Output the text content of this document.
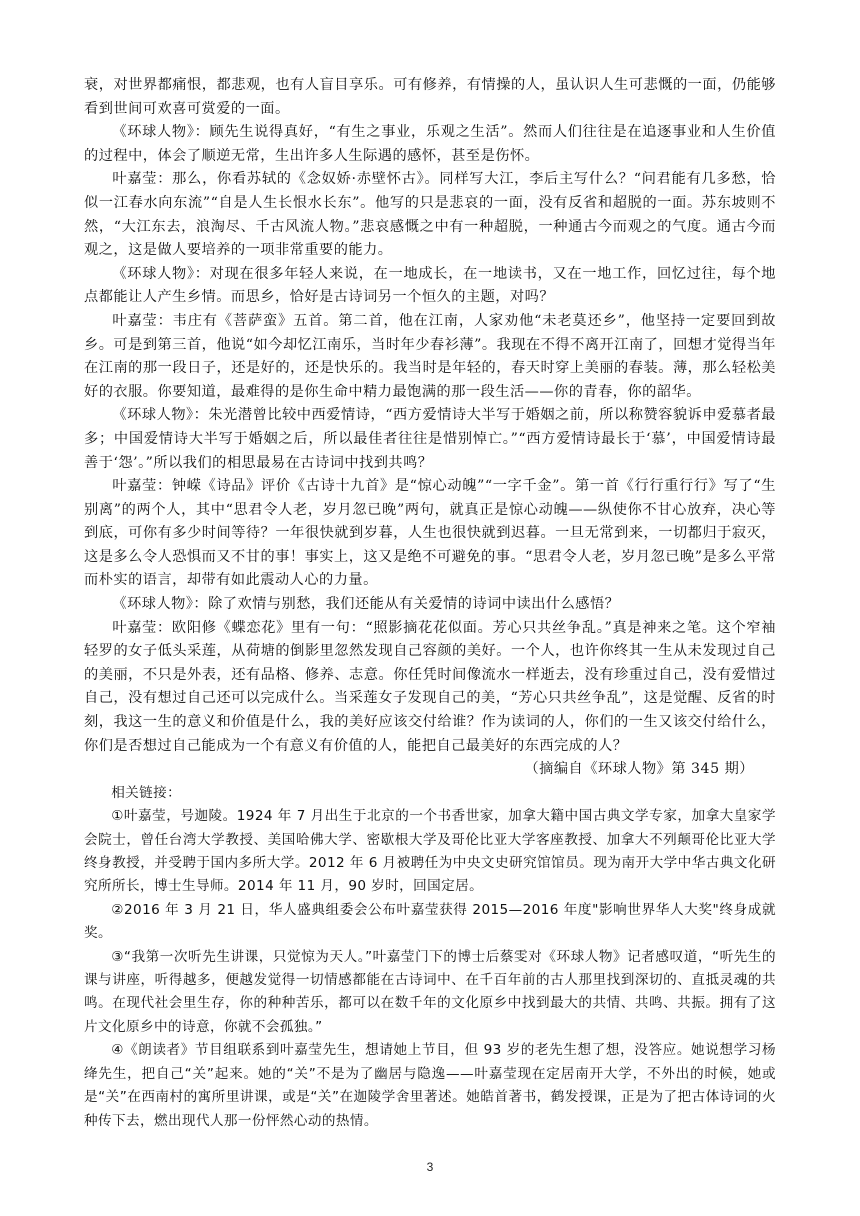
衰，对世界都痛恨，都悲观，也有人盲目享乐。可有修养，有情操的人，虽认识人生可悲慨的一面，仍能够看到世间可欢喜可赏爱的一面。

《环球人物》：顾先生说得真好，“有生之事业，乐观之生活”。然而人们往往是在追逐事业和人生价值的过程中，体会了顺逆无常，生出许多人生际遇的感怀，甚至是伤怀。

叶嘉莹：那么，你看苏轼的《念奴娇·赤壁怀古》。同样写大江，李后主写什么？“问君能有几多愁，恰似一江春水向东流”“自是人生长恨水长东”。他写的只是悲哀的一面，没有反省和超脱的一面。苏东坡则不然，“大江东去，浪淘尽、千古风流人物。”悲哀感慨之中有一种超脱，一种通古今而观之的气度。通古今而观之，这是做人要培养的一项非常重要的能力。

《环球人物》：对现在很多年轻人来说，在一地成长，在一地读书，又在一地工作，回忆过往，每个地点都能让人产生乡情。而思乡，恰好是古诗词另一个恒久的主题，对吗？

叶嘉莹：韦庄有《菩萨蛮》五首。第二首，他在江南，人家劝他“未老莫还乡”，他坚持一定要回到故乡。可是到第三首，他说“如今却忆江南乐，当时年少春衫薄”。我现在不得不离开江南了，回想才觉得当年在江南的那一段日子，还是好的，还是快乐的。我当时是年轻的，春天时穿上美丽的春装。薄，那么轻松美好的衣服。你要知道，最难得的是你生命中精力最饱满的那一段生活——你的青春，你的韶华。

《环球人物》：朱光潜曾比较中西爱情诗，“西方爱情诗大半写于婚姻之前，所以称赞容貌诉申爱慕者最多；中国爱情诗大半写于婚姻之后，所以最佳者往往是惜别悼亡。”“西方爱情诗最长于‘慕’，中国爱情诗最善于‘怨’。”所以我们的相思最易在古诗词中找到共鸣？

叶嘉莹：钟嵘《诗品》评价《古诗十九首》是“惊心动魄”“一字千金”。第一首《行行重行行》写了“生别离”的两个人，其中“思君令人老，岁月忽已晚”两句，就真正是惊心动魄——纵使你不甘心放弃，决心等到底，可你有多少时间等待？一年很快就到岁暮，人生也很快就到迟暮。一旦无常到来，一切都归于寂灭，这是多么令人恐惧而又不甘的事！事实上，这又是绝不可避免的事。“思君令人老，岁月忽已晚”是多么平常而朴实的语言，却带有如此震动人心的力量。

《环球人物》：除了欢情与别愁，我们还能从有关爱情的诗词中读出什么感悟？

叶嘉莹：欧阳修《蝶恋花》里有一句：“照影摘花花似面。芳心只共丝争乱。”真是神来之笔。这个窄袖轻罗的女子低头采莲，从荷塘的倒影里忽然发现自己容颜的美好。一个人，也许你终其一生从未发现过自己的美丽，不只是外表，还有品格、修养、志意。你任凭时间像流水一样逝去，没有珍重过自己，没有爱惜过自己，没有想过自己还可以完成什么。当采莲女子发现自己的美，“芳心只共丝争乱”，这是觉醒、反省的时刻，我这一生的意义和价值是什么，我的美好应该交付给谁？作为读词的人，你们的一生又该交付给什么，你们是否想过自己能成为一个有意义有价值的人，能把自己最美好的东西完成的人？

（摘编自《环球人物》第 345 期）

相关链接：

①叶嘉莹，号迦陵。1924 年 7 月出生于北京的一个书香世家，加拿大籍中国古典文学专家，加拿大皇家学会院士，曾任台湾大学教授、美国哈佛大学、密歇根大学及哥伦比亚大学客座教授、加拿大不列颠哥伦比亚大学终身教授，并受聘于国内多所大学。2012 年 6 月被聘任为中央文史研究馆馆员。现为南开大学中华古典文化研究所所长，博士生导师。2014 年 11 月，90 岁时，回国定居。

②2016 年 3 月 21 日，华人盛典组委会公布叶嘉莹获得 2015—2016 年度"影响世界华人大奖"终身成就奖。

③“我第一次听先生讲课，只觉惊为天人。”叶嘉莹门下的博士后蔡雯对《环球人物》记者感叹道，“听先生的课与讲座，听得越多，便越发觉得一切情感都能在古诗词中、在千百年前的古人那里找到深切的、直抵灵魂的共鸣。在现代社会里生存，你的种种苦乐，都可以在数千年的文化原乡中找到最大的共情、共鸣、共振。拥有了这片文化原乡中的诗意，你就不会孤独。”

④《朗读者》节目组联系到叶嘉莹先生，想请她上节目，但 93 岁的老先生想了想，没答应。她说想学习杨绛先生，把自己“关”起来。她的“关”不是为了幽居与隐逸——叶嘉莹现在定居南开大学，不外出的时候，她或是“关”在西南村的寓所里讲课，或是“关”在迦陵学舍里著述。她皓首著书，鹤发授课，正是为了把古体诗词的火种传下去，燃出现代人那一份怦然心动的热情。

3
